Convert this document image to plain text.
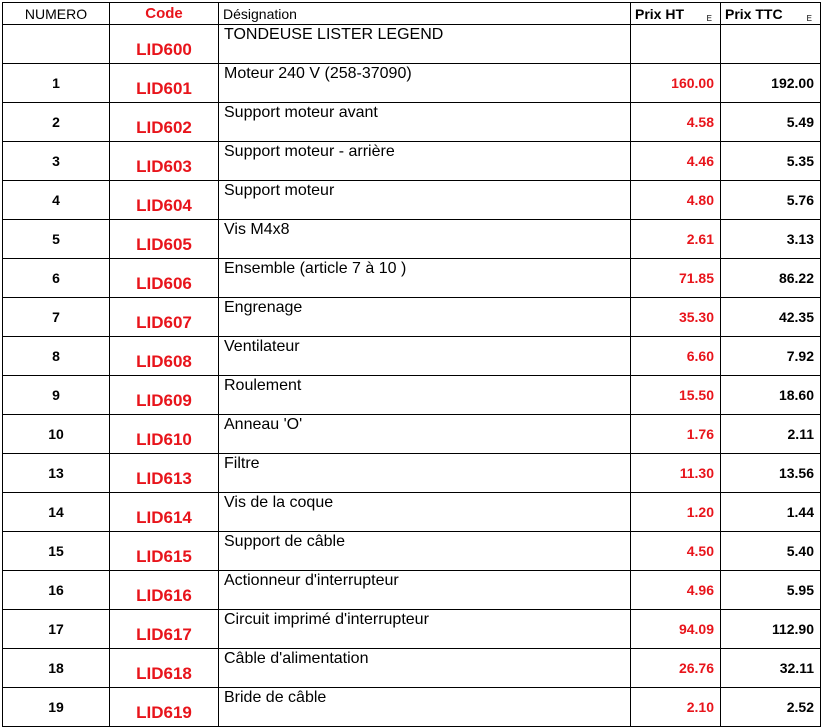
NUMERO	Code	Désignation	Prix HT E	Prix TTC E

	LID600	TONDEUSE LISTER LEGEND		
1	LID601	Moteur 240 V (258-37090)	160.00	192.00
2	LID602	Support moteur avant	4.58	5.49
3	LID603	Support moteur - arrière	4.46	5.35
4	LID604	Support moteur	4.80	5.76
5	LID605	Vis M4x8	2.61	3.13
6	LID606	Ensemble (article 7 à 10 )	71.85	86.22
7	LID607	Engrenage	35.30	42.35
8	LID608	Ventilateur	6.60	7.92
9	LID609	Roulement	15.50	18.60
10	LID610	Anneau 'O'	1.76	2.11
13	LID613	Filtre	11.30	13.56
14	LID614	Vis de la coque	1.20	1.44
15	LID615	Support de câble	4.50	5.40
16	LID616	Actionneur d'interrupteur	4.96	5.95
17	LID617	Circuit imprimé d'interrupteur	94.09	112.90
18	LID618	Câble d'alimentation	26.76	32.11
19	LID619	Bride de câble	2.10	2.52
